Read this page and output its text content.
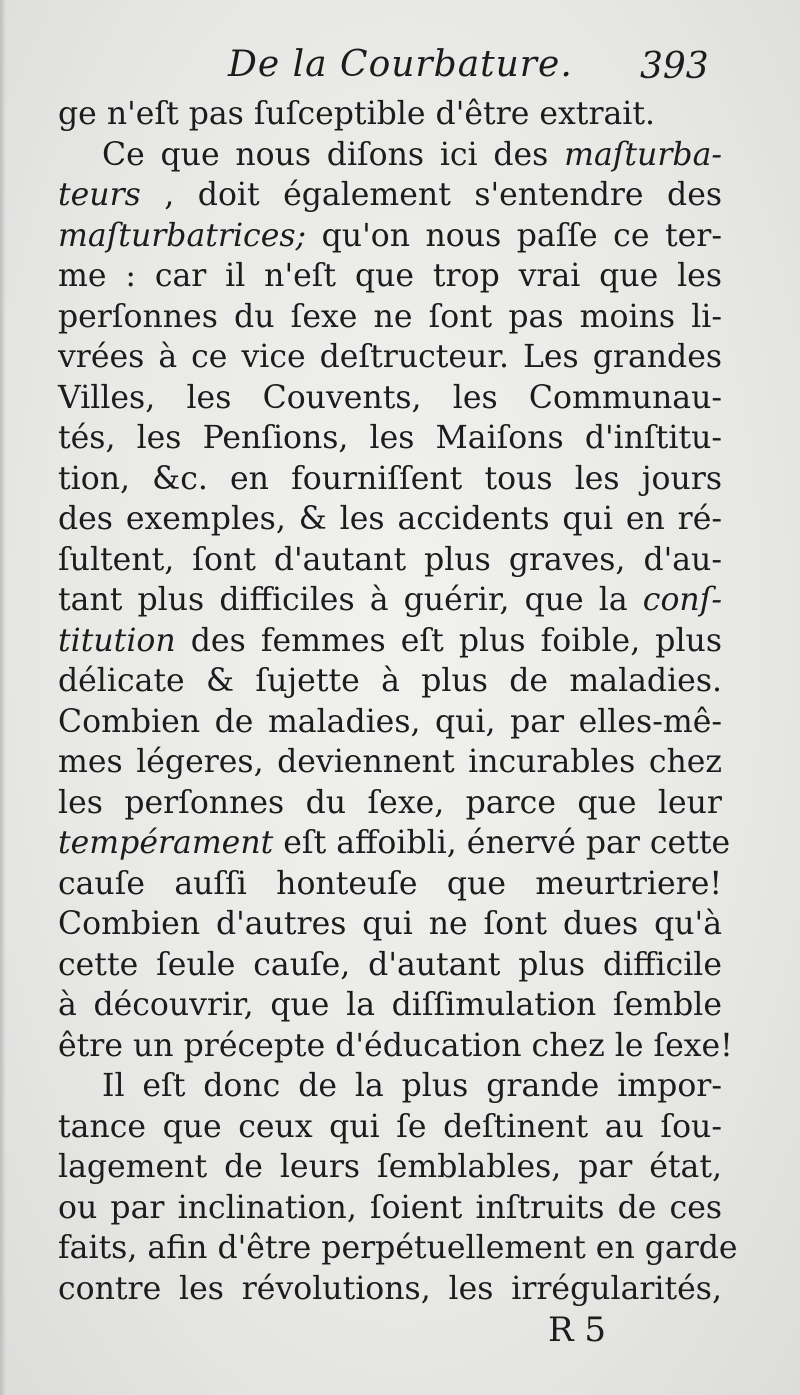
De la Courbature. 393
ge n'eſt pas ſuſceptible d'être extrait.
Ce que nous diſons ici des maſturba-
teurs , doit également s'entendre des
maſturbatrices; qu'on nous paſſe ce ter-
me : car il n'eſt que trop vrai que les
perſonnes du ſexe ne ſont pas moins li-
vrées à ce vice deſtructeur. Les grandes
Villes, les Couvents, les Communau-
tés, les Penſions, les Maiſons d'inſtitu-
tion, &c. en fourniſſent tous les jours
des exemples, & les accidents qui en ré-
ſultent, ſont d'autant plus graves, d'au-
tant plus difficiles à guérir, que la conſ-
titution des femmes eſt plus foible, plus
délicate & ſujette à plus de maladies.
Combien de maladies, qui, par elles-mê-
mes légeres, deviennent incurables chez
les perſonnes du ſexe, parce que leur
tempérament eſt affoibli, énervé par cette
cauſe auſſi honteuſe que meurtriere!
Combien d'autres qui ne ſont dues qu'à
cette ſeule cauſe, d'autant plus difficile
à découvrir, que la diſſimulation ſemble
être un précepte d'éducation chez le ſexe!
Il eſt donc de la plus grande impor-
tance que ceux qui ſe deſtinent au ſou-
lagement de leurs ſemblables, par état,
ou par inclination, ſoient inſtruits de ces
faits, afin d'être perpétuellement en garde
contre les révolutions, les irrégularités,
R 5
